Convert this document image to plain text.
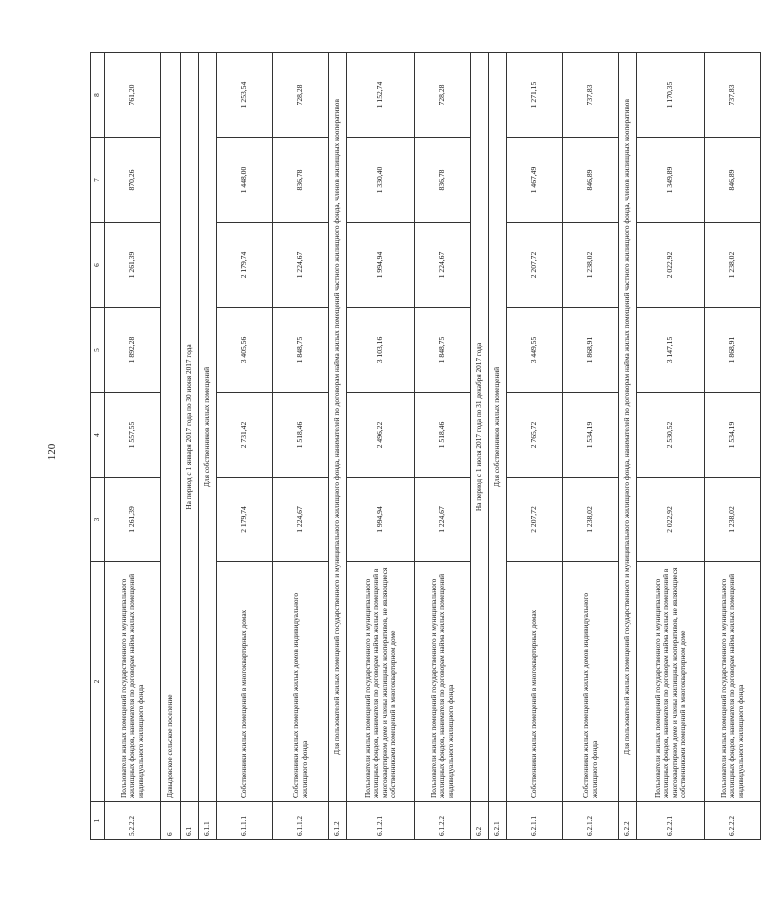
120
1	2	3	4	5	6	7	8
5.2.2.2	Пользователи жилых помещений государственного и муниципального жилищных фондов, нанимателя по договорам найма жилых помещений индивидуального жилищного фонда	1 261,39	1 557,55	1 892,28	1 261,39	870,26	761,20
6	Давыдовское сельское поселение						
6.1	На период с 1 января 2017 года по 30 июня 2017 года						
6.1.1	Для собственников жилых помещений						
6.1.1.1	Собственники жилых помещений в многоквартирных домах	2 179,74	2 731,42	3 405,56	2 179,74	1 448,00	1 253,54
6.1.1.2	Собственники жилых помещений жилых домов индивидуального жилищного фонда	1 224,67	1 518,46	1 848,75	1 224,67	836,78	728,28
6.1.2	Для пользователей жилых помещений государственного и муниципального жилищного фонда, нанимателей по договорам найма жилых помещений частного жилищного фонда, членов жилищных кооперативов						
6.1.2.1	Пользователи жилых помещений государственного и муниципального жилищных фондов, нанимателя по договорам найма жилых помещений в многоквартирном доме и члены жилищных кооперативов, не являющиеся собственниками помещений в многоквартирном доме	1 994,94	2 496,22	3 103,16	1 994,94	1 330,40	1 152,74
6.1.2.2	Пользователи жилых помещений государственного и муниципального жилищных фондов, нанимателя по договорам найма жилых помещений индивидуального жилищного фонда	1 224,67	1 518,46	1 848,75	1 224,67	836,78	728,28
6.2	На период с 1 июля 2017 года по 31 декабря 2017 года						
6.2.1	Для собственников жилых помещений						
6.2.1.1	Собственники жилых помещений в многоквартирных домах	2 207,72	2 765,72	3 449,55	2 207,72	1 467,49	1 271,15
6.2.1.2	Собственники жилых помещений жилых домов индивидуального жилищного фонда	1 238,02	1 534,19	1 868,91	1 238,02	846,89	737,83
6.2.2	Для пользователей жилых помещений государственного и муниципального жилищного фонда, нанимателей по договорам найма жилых помещений частного жилищного фонда, членов жилищных кооперативов						
6.2.2.1	Пользователи жилых помещений государственного и муниципального жилищных фондов, нанимателя по договорам найма жилых помещений в многоквартирном доме и члены жилищных кооперативов, не являющиеся собственниками помещений в многоквартирном доме	2 022,92	2 530,52	3 147,15	2 022,92	1 349,89	1 170,35
6.2.2.2	Пользователи жилых помещений государственного и муниципального жилищных фондов, нанимателя по договорам найма жилых помещений индивидуального жилищного фонда	1 238,02	1 534,19	1 868,91	1 238,02	846,89	737,83
